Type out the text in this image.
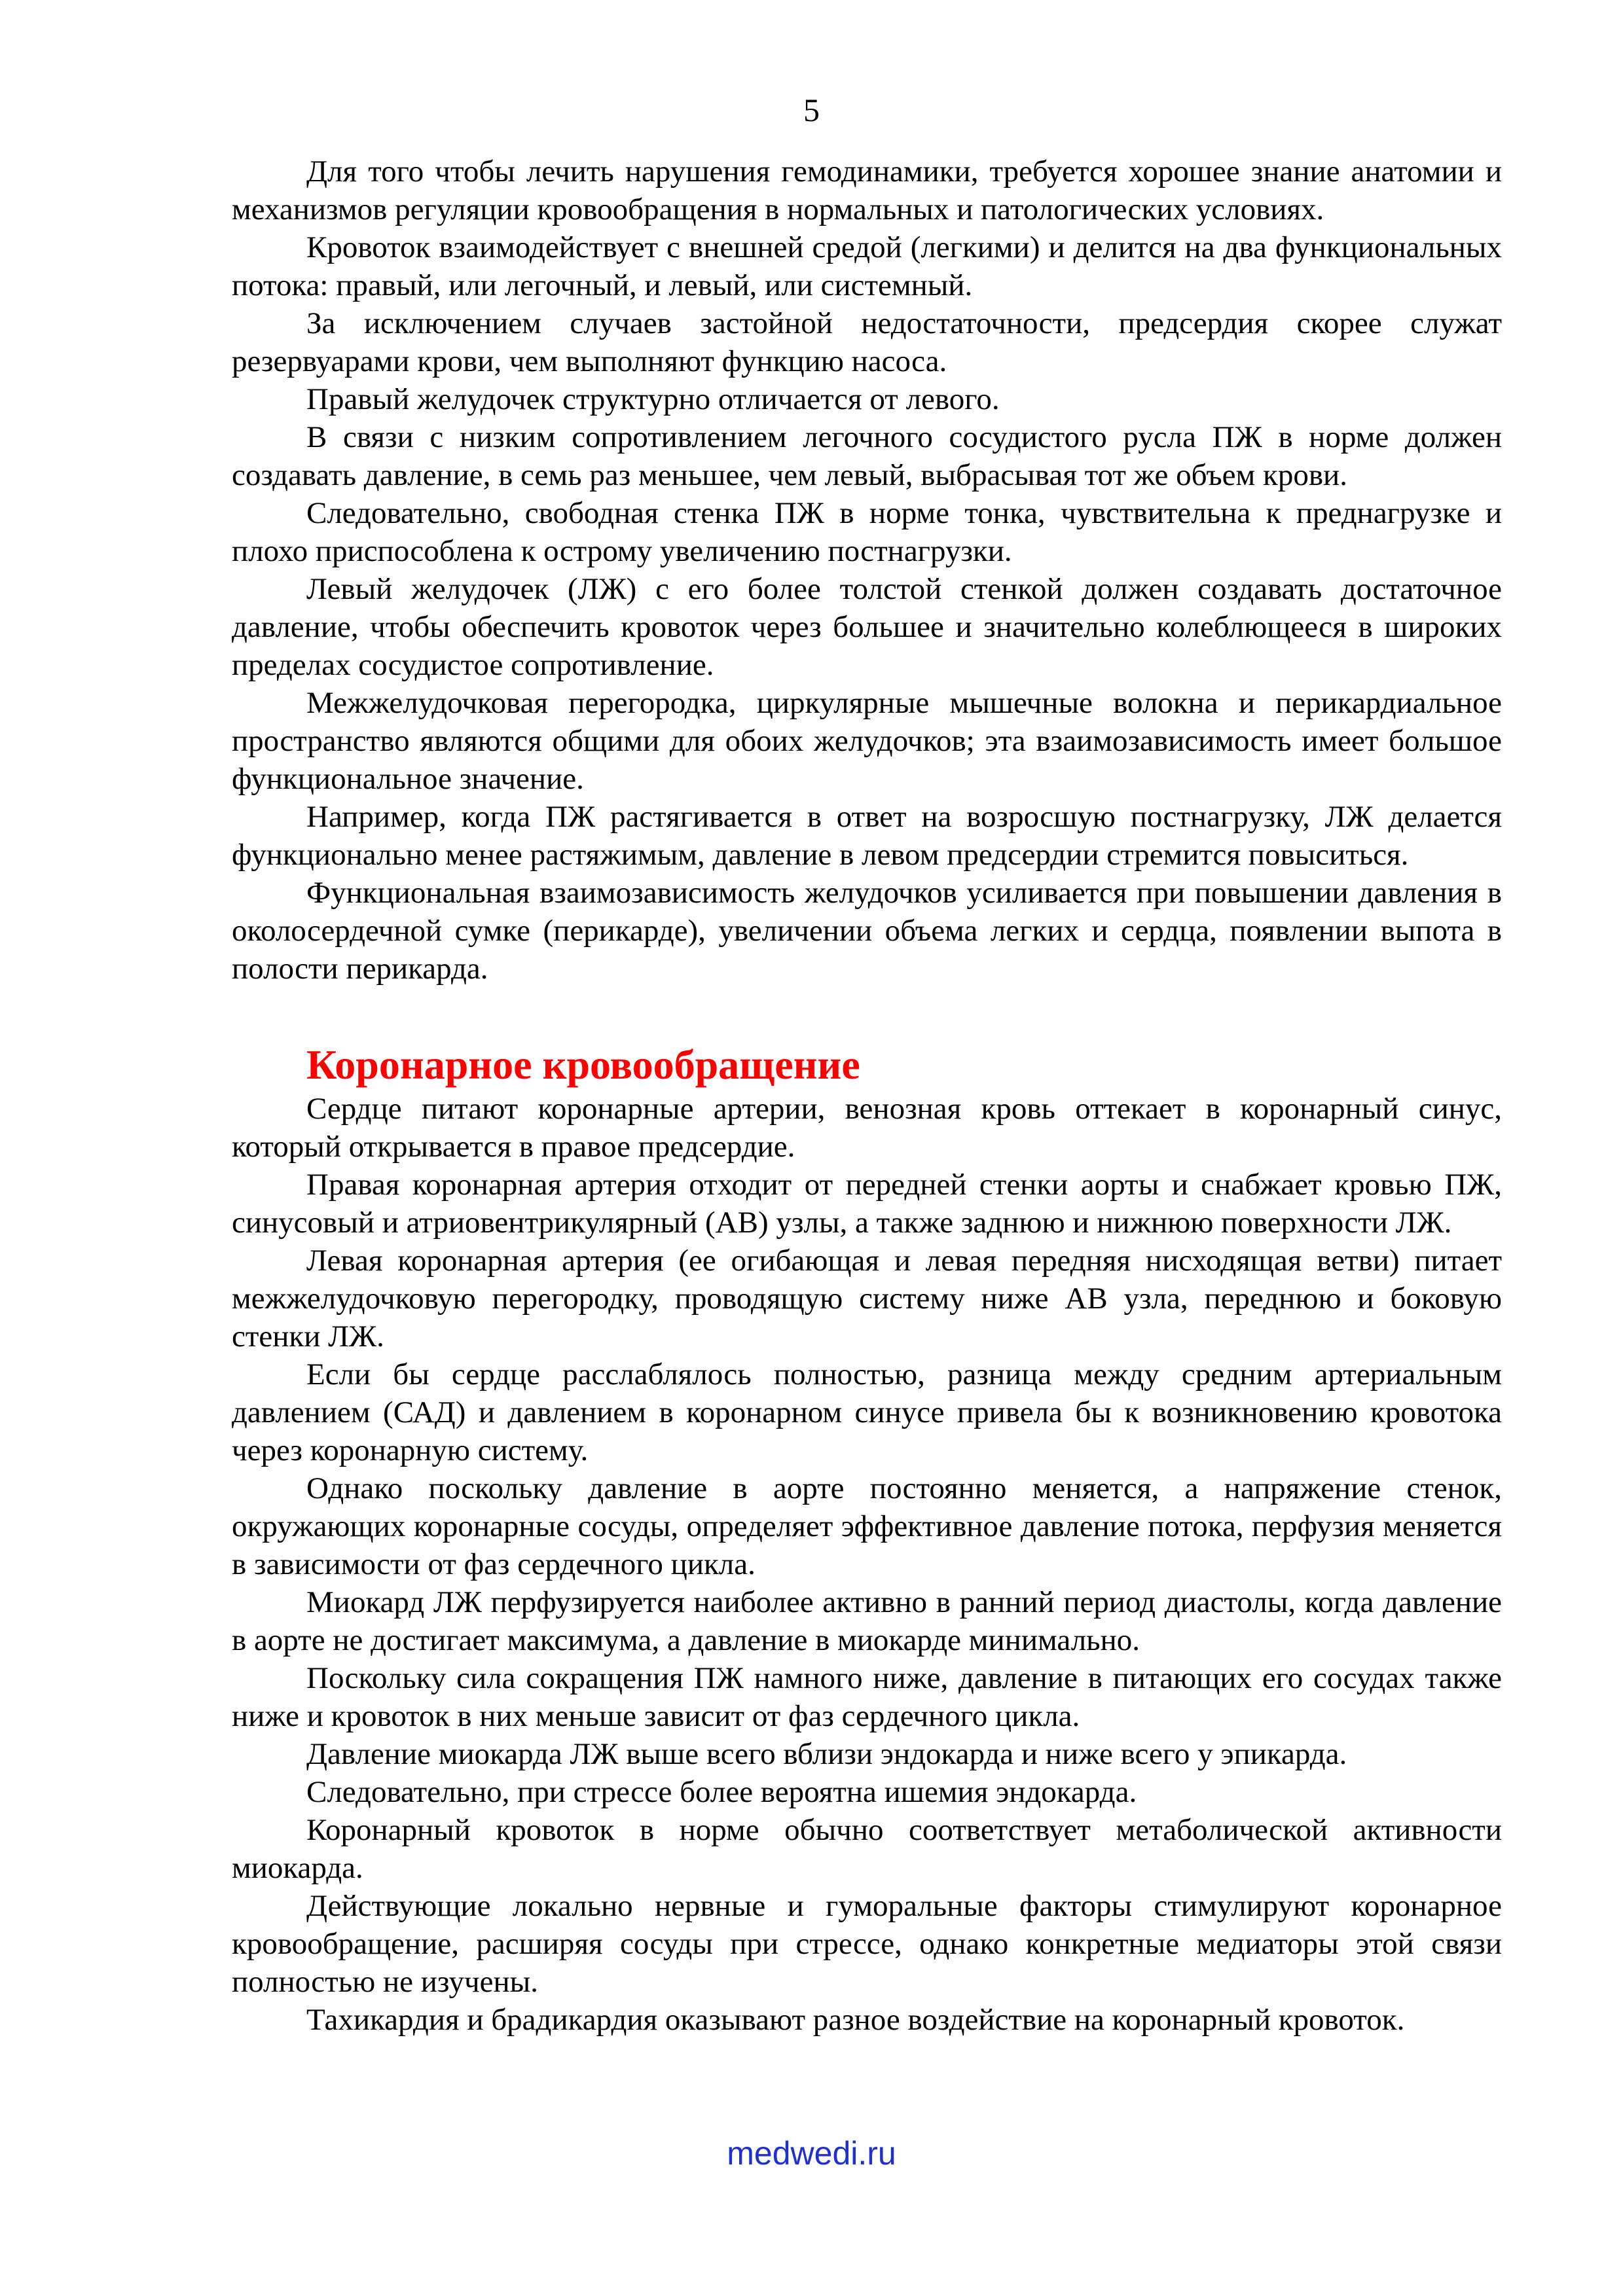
5

Для того чтобы лечить нарушения гемодинамики, требуется хорошее знание анатомии и механизмов регуляции кровообращения в нормальных и патологических условиях.

Кровоток взаимодействует с внешней средой (легкими) и делится на два функциональных потока: правый, или легочный, и левый, или системный.

За исключением случаев застойной недостаточности, предсердия скорее служат резервуарами крови, чем выполняют функцию насоса.

Правый желудочек структурно отличается от левого.

В связи с низким сопротивлением легочного сосудистого русла ПЖ в норме должен создавать давление, в семь раз меньшее, чем левый, выбрасывая тот же объем крови.

Следовательно, свободная стенка ПЖ в норме тонка, чувствительна к преднагрузке и плохо приспособлена к острому увеличению постнагрузки.

Левый желудочек (ЛЖ) с его более толстой стенкой должен создавать достаточное давление, чтобы обеспечить кровоток через большее и значительно колеблющееся в широких пределах сосудистое сопротивление.

Межжелудочковая перегородка, циркулярные мышечные волокна и перикардиальное пространство являются общими для обоих желудочков; эта взаимозависимость имеет большое функциональное значение.

Например, когда ПЖ растягивается в ответ на возросшую постнагрузку, ЛЖ делается функционально менее растяжимым, давление в левом предсердии стремится повыситься.

Функциональная взаимозависимость желудочков усиливается при повышении давления в околосердечной сумке (перикарде), увеличении объема легких и сердца, появлении выпота в полости перикарда.

Коронарное кровообращение

Сердце питают коронарные артерии, венозная кровь оттекает в коронарный синус, который открывается в правое предсердие.

Правая коронарная артерия отходит от передней стенки аорты и снабжает кровью ПЖ, синусовый и атриовентрикулярный (АВ) узлы, а также заднюю и нижнюю поверхности ЛЖ.

Левая коронарная артерия (ее огибающая и левая передняя нисходящая ветви) питает межжелудочковую перегородку, проводящую систему ниже АВ узла, переднюю и боковую стенки ЛЖ.

Если бы сердце расслаблялось полностью, разница между средним артериальным давлением (САД) и давлением в коронарном синусе привела бы к возникновению кровотока через коронарную систему.

Однако поскольку давление в аорте постоянно меняется, а напряжение стенок, окружающих коронарные сосуды, определяет эффективное давление потока, перфузия меняется в зависимости от фаз сердечного цикла.

Миокард ЛЖ перфузируется наиболее активно в ранний период диастолы, когда давление в аорте не достигает максимума, а давление в миокарде минимально.

Поскольку сила сокращения ПЖ намного ниже, давление в питающих его сосудах также ниже и кровоток в них меньше зависит от фаз сердечного цикла.

Давление миокарда ЛЖ выше всего вблизи эндокарда и ниже всего у эпикарда.

Следовательно, при стрессе более вероятна ишемия эндокарда.

Коронарный кровоток в норме обычно соответствует метаболической активности миокарда.

Действующие локально нервные и гуморальные факторы стимулируют коронарное кровообращение, расширяя сосуды при стрессе, однако конкретные медиаторы этой связи полностью не изучены.

Тахикардия и брадикардия оказывают разное воздействие на коронарный кровоток.

medwedi.ru
